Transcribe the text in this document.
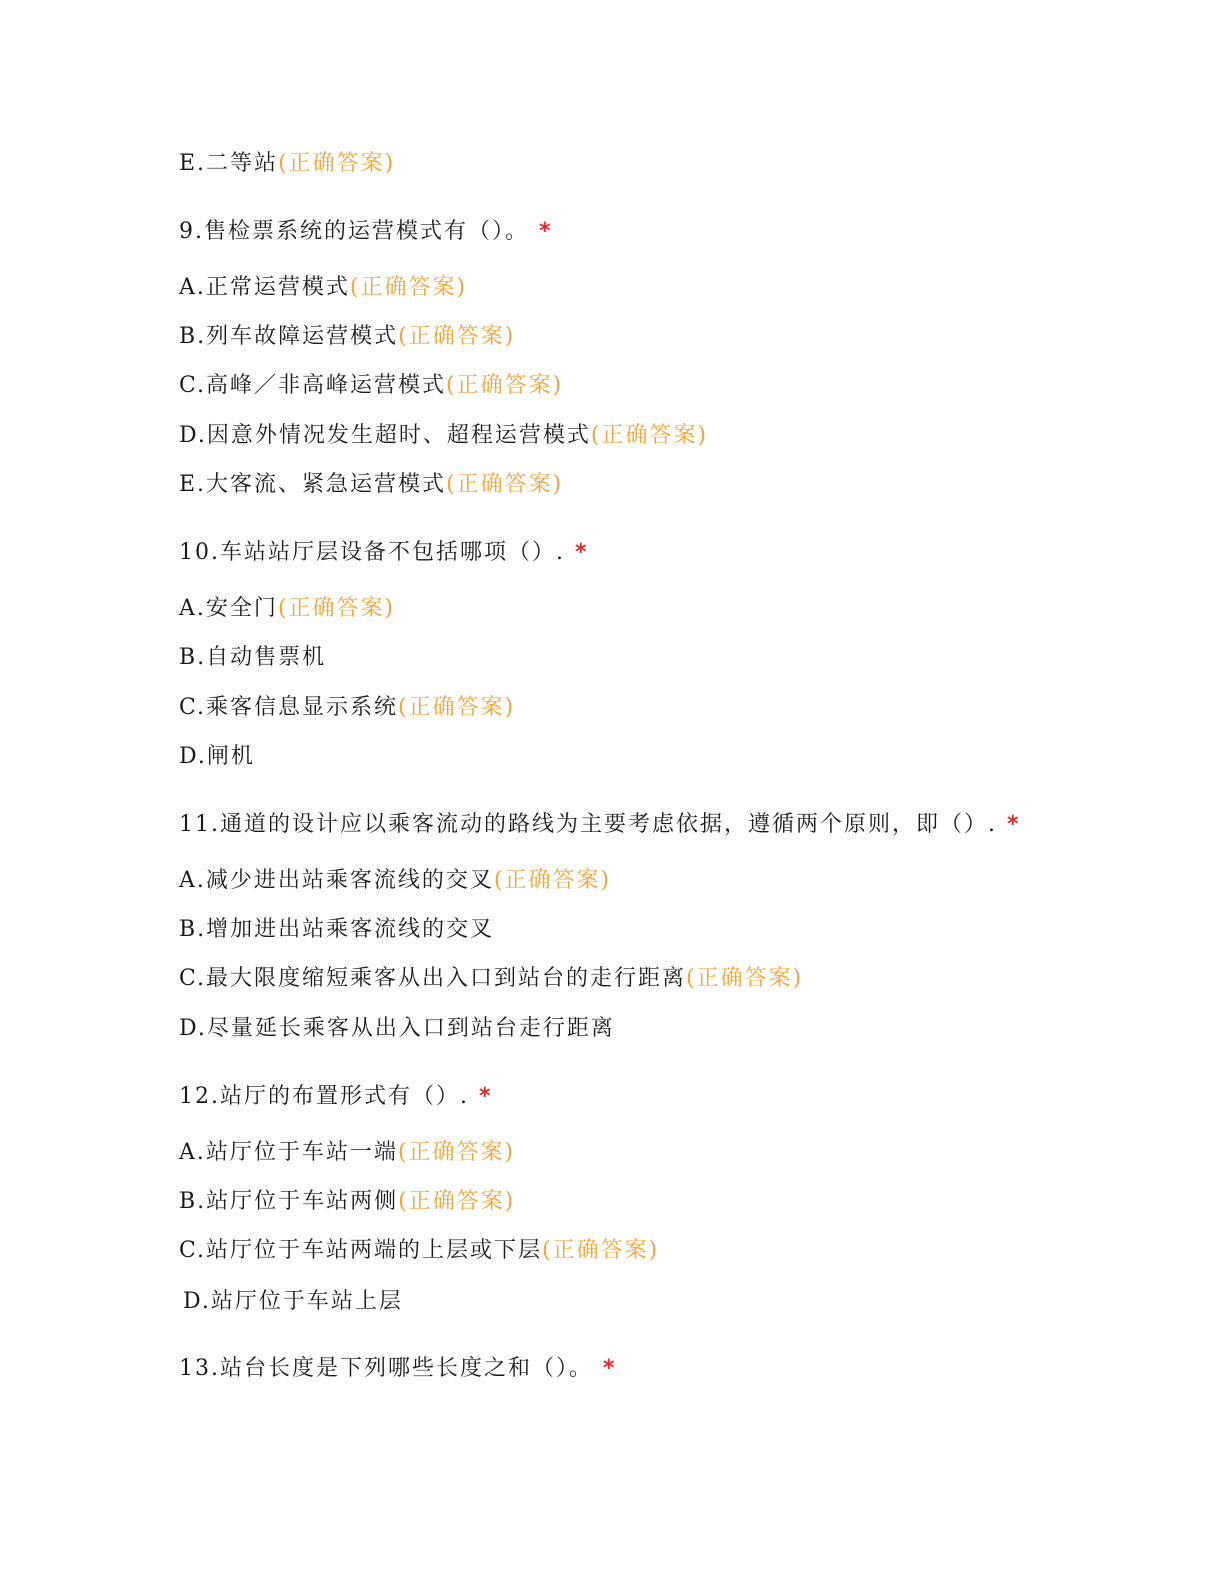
E.二等站(正确答案)
9.售检票系统的运营模式有（）。 *
A.正常运营模式(正确答案)
B.列车故障运营模式(正确答案)
C.高峰／非高峰运营模式(正确答案)
D.因意外情况发生超时、超程运营模式(正确答案)
E.大客流、紧急运营模式(正确答案)
10.车站站厅层设备不包括哪项（）. *
A.安全门(正确答案)
B.自动售票机
C.乘客信息显示系统(正确答案)
D.闸机
11.通道的设计应以乘客流动的路线为主要考虑依据，遵循两个原则，即（）. *
A.减少进出站乘客流线的交叉(正确答案)
B.增加进出站乘客流线的交叉
C.最大限度缩短乘客从出入口到站台的走行距离(正确答案)
D.尽量延长乘客从出入口到站台走行距离
12.站厅的布置形式有（）. *
A.站厅位于车站一端(正确答案)
B.站厅位于车站两侧(正确答案)
C.站厅位于车站两端的上层或下层(正确答案)
D.站厅位于车站上层
13.站台长度是下列哪些长度之和（）。 *
